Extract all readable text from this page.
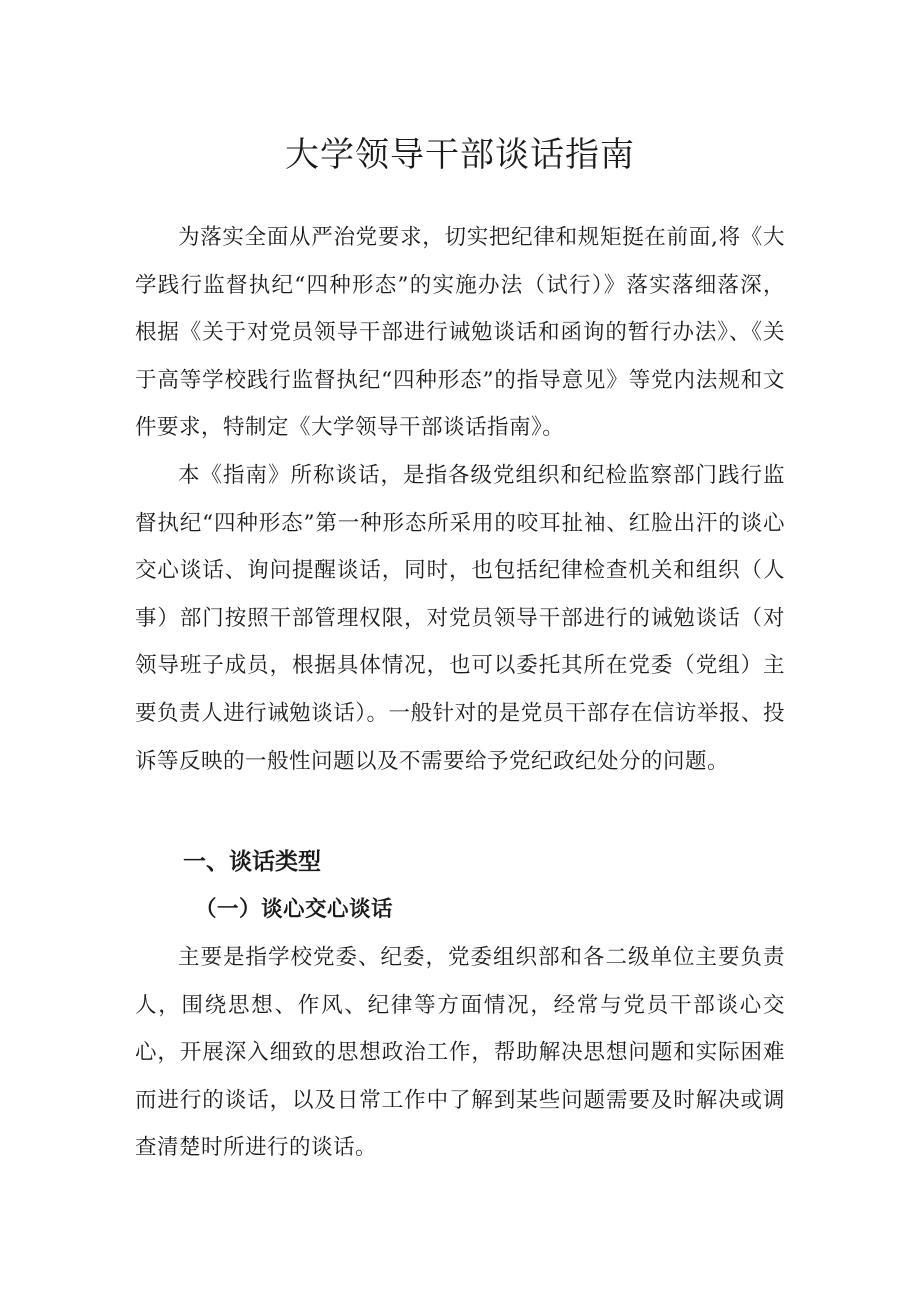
大学领导干部谈话指南

为落实全面从严治党要求，切实把纪律和规矩挺在前面,将《大学践行监督执纪“四种形态”的实施办法（试行）》落实落细落深，根据《关于对党员领导干部进行诫勉谈话和函询的暂行办法》、《关于高等学校践行监督执纪“四种形态”的指导意见》等党内法规和文件要求，特制定《大学领导干部谈话指南》。

本《指南》所称谈话，是指各级党组织和纪检监察部门践行监督执纪“四种形态”第一种形态所采用的咬耳扯袖、红脸出汗的谈心交心谈话、询问提醒谈话，同时，也包括纪律检查机关和组织（人事）部门按照干部管理权限，对党员领导干部进行的诫勉谈话（对领导班子成员，根据具体情况，也可以委托其所在党委（党组）主要负责人进行诫勉谈话）。一般针对的是党员干部存在信访举报、投诉等反映的一般性问题以及不需要给予党纪政纪处分的问题。

一、谈话类型
（一）谈心交心谈话

主要是指学校党委、纪委，党委组织部和各二级单位主要负责人，围绕思想、作风、纪律等方面情况，经常与党员干部谈心交心，开展深入细致的思想政治工作，帮助解决思想问题和实际困难而进行的谈话，以及日常工作中了解到某些问题需要及时解决或调查清楚时所进行的谈话。
